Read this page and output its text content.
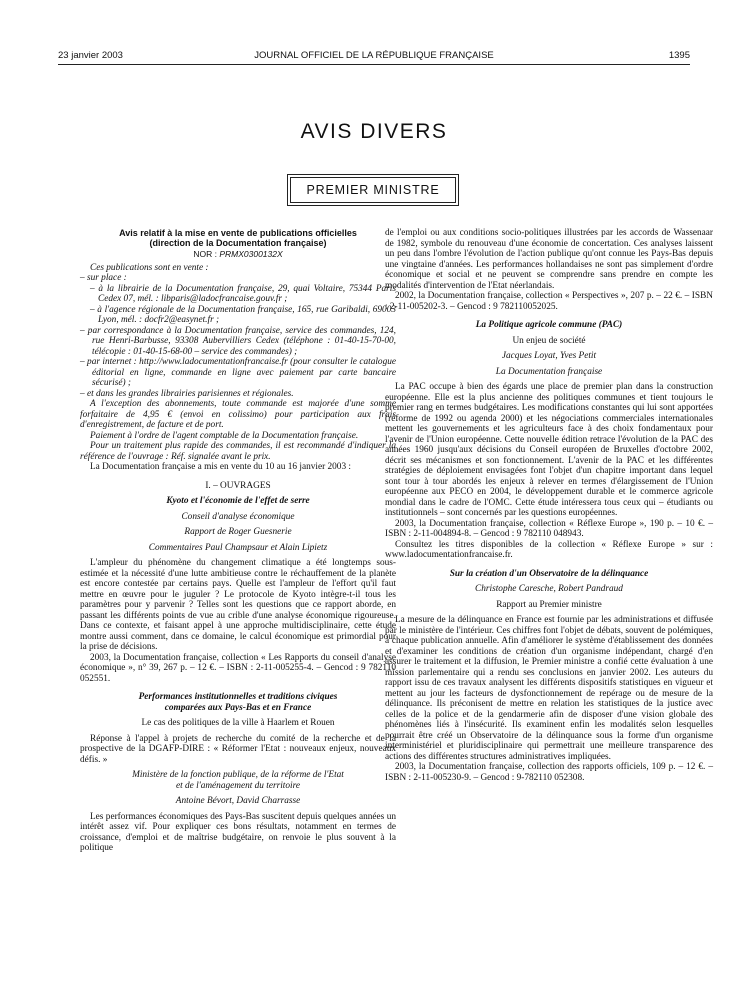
23 janvier 2003	JOURNAL OFFICIEL DE LA RÉPUBLIQUE FRANÇAISE	1395
AVIS DIVERS
PREMIER MINISTRE
Avis relatif à la mise en vente de publications officielles
(direction de la Documentation française)
NOR : PRMX0300132X

Ces publications sont en vente :

– sur place :

– à la librairie de la Documentation française, 29, quai Voltaire, 75344 Paris Cedex 07, mél. : libparis@ladocfrancaise.gouv.fr ;

– à l'agence régionale de la Documentation française, 165, rue Garibaldi, 69003 Lyon, mél. : docfr2@easynet.fr ;

– par correspondance à la Documentation française, service des commandes, 124, rue Henri-Barbusse, 93308 Aubervilliers Cedex (téléphone : 01-40-15-70-00, télécopie : 01-40-15-68-00 – service des commandes) ;

– par internet : http://www.ladocumentationfrancaise.fr (pour consulter le catalogue éditorial en ligne, commande en ligne avec paiement par carte bancaire sécurisé) ;

– et dans les grandes librairies parisiennes et régionales.

A l'exception des abonnements, toute commande est majorée d'une somme forfaitaire de 4,95 € (envoi en colissimo) pour participation aux frais d'enregistrement, de facture et de port.

Paiement à l'ordre de l'agent comptable de la Documentation française.

Pour un traitement plus rapide des commandes, il est recommandé d'indiquer la référence de l'ouvrage : Réf. signalée avant le prix.

La Documentation française a mis en vente du 10 au 16 janvier 2003 :

I. – OUVRAGES

Kyoto et l'économie de l'effet de serre

Conseil d'analyse économique

Rapport de Roger Guesnerie

Commentaires Paul Champsaur et Alain Lipietz

L'ampleur du phénomène du changement climatique a été longtemps sous-estimée et la nécessité d'une lutte ambitieuse contre le réchauffement de la planète est encore contestée par certains pays. Quelle est l'ampleur de l'effort qu'il faut mettre en œuvre pour le juguler ? Le protocole de Kyoto intègre-t-il tous les paramètres pour y parvenir ? Telles sont les questions que ce rapport aborde, en passant les différents points de vue au crible d'une analyse économique rigoureuse. Dans ce contexte, et faisant appel à une approche multidisciplinaire, cette étude montre aussi comment, dans ce domaine, le calcul économique est primordial pour la prise de décisions.

2003, la Documentation française, collection « Les Rapports du conseil d'analyse économique », n° 39, 267 p. – 12 €. – ISBN : 2-11-005255-4. – Gencod : 9 782110 052551.

Performances institutionnelles et traditions civiques

comparées aux Pays-Bas et en France

Le cas des politiques de la ville à Haarlem et Rouen

Réponse à l'appel à projets de recherche du comité de la recherche et de la prospective de la DGAFP-DIRE : « Réformer l'Etat : nouveaux enjeux, nouveaux défis. »

Ministère de la fonction publique, de la réforme de l'Etat

et de l'aménagement du territoire

Antoine Bévort, David Charrasse

Les performances économiques des Pays-Bas suscitent depuis quelques années un intérêt assez vif. Pour expliquer ces bons résultats, notamment en termes de croissance, d'emploi et de maîtrise budgétaire, on renvoie le plus souvent à la politique

de l'emploi ou aux conditions socio-politiques illustrées par les accords de Wassenaar de 1982, symbole du renouveau d'une économie de concertation. Ces analyses laissent un peu dans l'ombre l'évolution de l'action publique qu'ont connue les Pays-Bas depuis une vingtaine d'années. Les performances hollandaises ne sont pas simplement d'ordre économique et social et ne peuvent se comprendre sans prendre en compte les modalités d'intervention de l'Etat néerlandais.

2002, la Documentation française, collection « Perspectives », 207 p. – 22 €. – ISBN : 2-11-005202-3. – Gencod : 9 782110052025.

La Politique agricole commune (PAC)

Un enjeu de société

Jacques Loyat, Yves Petit

La Documentation française

La PAC occupe à bien des égards une place de premier plan dans la construction européenne. Elle est la plus ancienne des politiques communes et tient toujours le premier rang en termes budgétaires. Les modifications constantes qui lui sont apportées (réforme de 1992 ou agenda 2000) et les négociations commerciales internationales mettent les gouvernements et les agriculteurs face à des choix fondamentaux pour l'avenir de l'Union européenne. Cette nouvelle édition retrace l'évolution de la PAC des années 1960 jusqu'aux décisions du Conseil européen de Bruxelles d'octobre 2002, décrit ses mécanismes et son fonctionnement. L'avenir de la PAC et les différentes stratégies de déploiement envisagées font l'objet d'un chapitre important dans lequel sont tour à tour abordés les enjeux à relever en termes d'élargissement de l'Union européenne aux PECO en 2004, le développement durable et le commerce agricole mondial dans le cadre de l'OMC. Cette étude intéressera tous ceux qui – étudiants ou institutionnels – sont concernés par les questions européennes.

2003, la Documentation française, collection « Réflexe Europe », 190 p. – 10 €. – ISBN : 2-11-004894-8. – Gencod : 9 782110 048943.

Consultez les titres disponibles de la collection « Réflexe Europe » sur : www.ladocumentationfrancaise.fr.

Sur la création d'un Observatoire de la délinquance

Christophe Caresche, Robert Pandraud

Rapport au Premier ministre

La mesure de la délinquance en France est fournie par les administrations et diffusée par le ministère de l'intérieur. Ces chiffres font l'objet de débats, souvent de polémiques, à chaque publication annuelle. Afin d'améliorer le système d'établissement des données et d'examiner les conditions de création d'un organisme indépendant, chargé d'en assurer le traitement et la diffusion, le Premier ministre a confié cette évaluation à une mission parlementaire qui a rendu ses conclusions en janvier 2002. Les auteurs du rapport issu de ces travaux analysent les différents dispositifs statistiques en vigueur et mettent au jour les facteurs de dysfonctionnement de repérage ou de mesure de la délinquance. Ils préconisent de mettre en relation les statistiques de la justice avec celles de la police et de la gendarmerie afin de disposer d'une vision globale des phénomènes liés à l'insécurité. Ils examinent enfin les modalités selon lesquelles pourrait être créé un Observatoire de la délinquance sous la forme d'un organisme interministériel et pluridisciplinaire qui permettrait une meilleure transparence des actions des différentes structures administratives impliquées.

2003, la Documentation française, collection des rapports officiels, 109 p. – 12 €. – ISBN : 2-11-005230-9. – Gencod : 9-782110 052308.
